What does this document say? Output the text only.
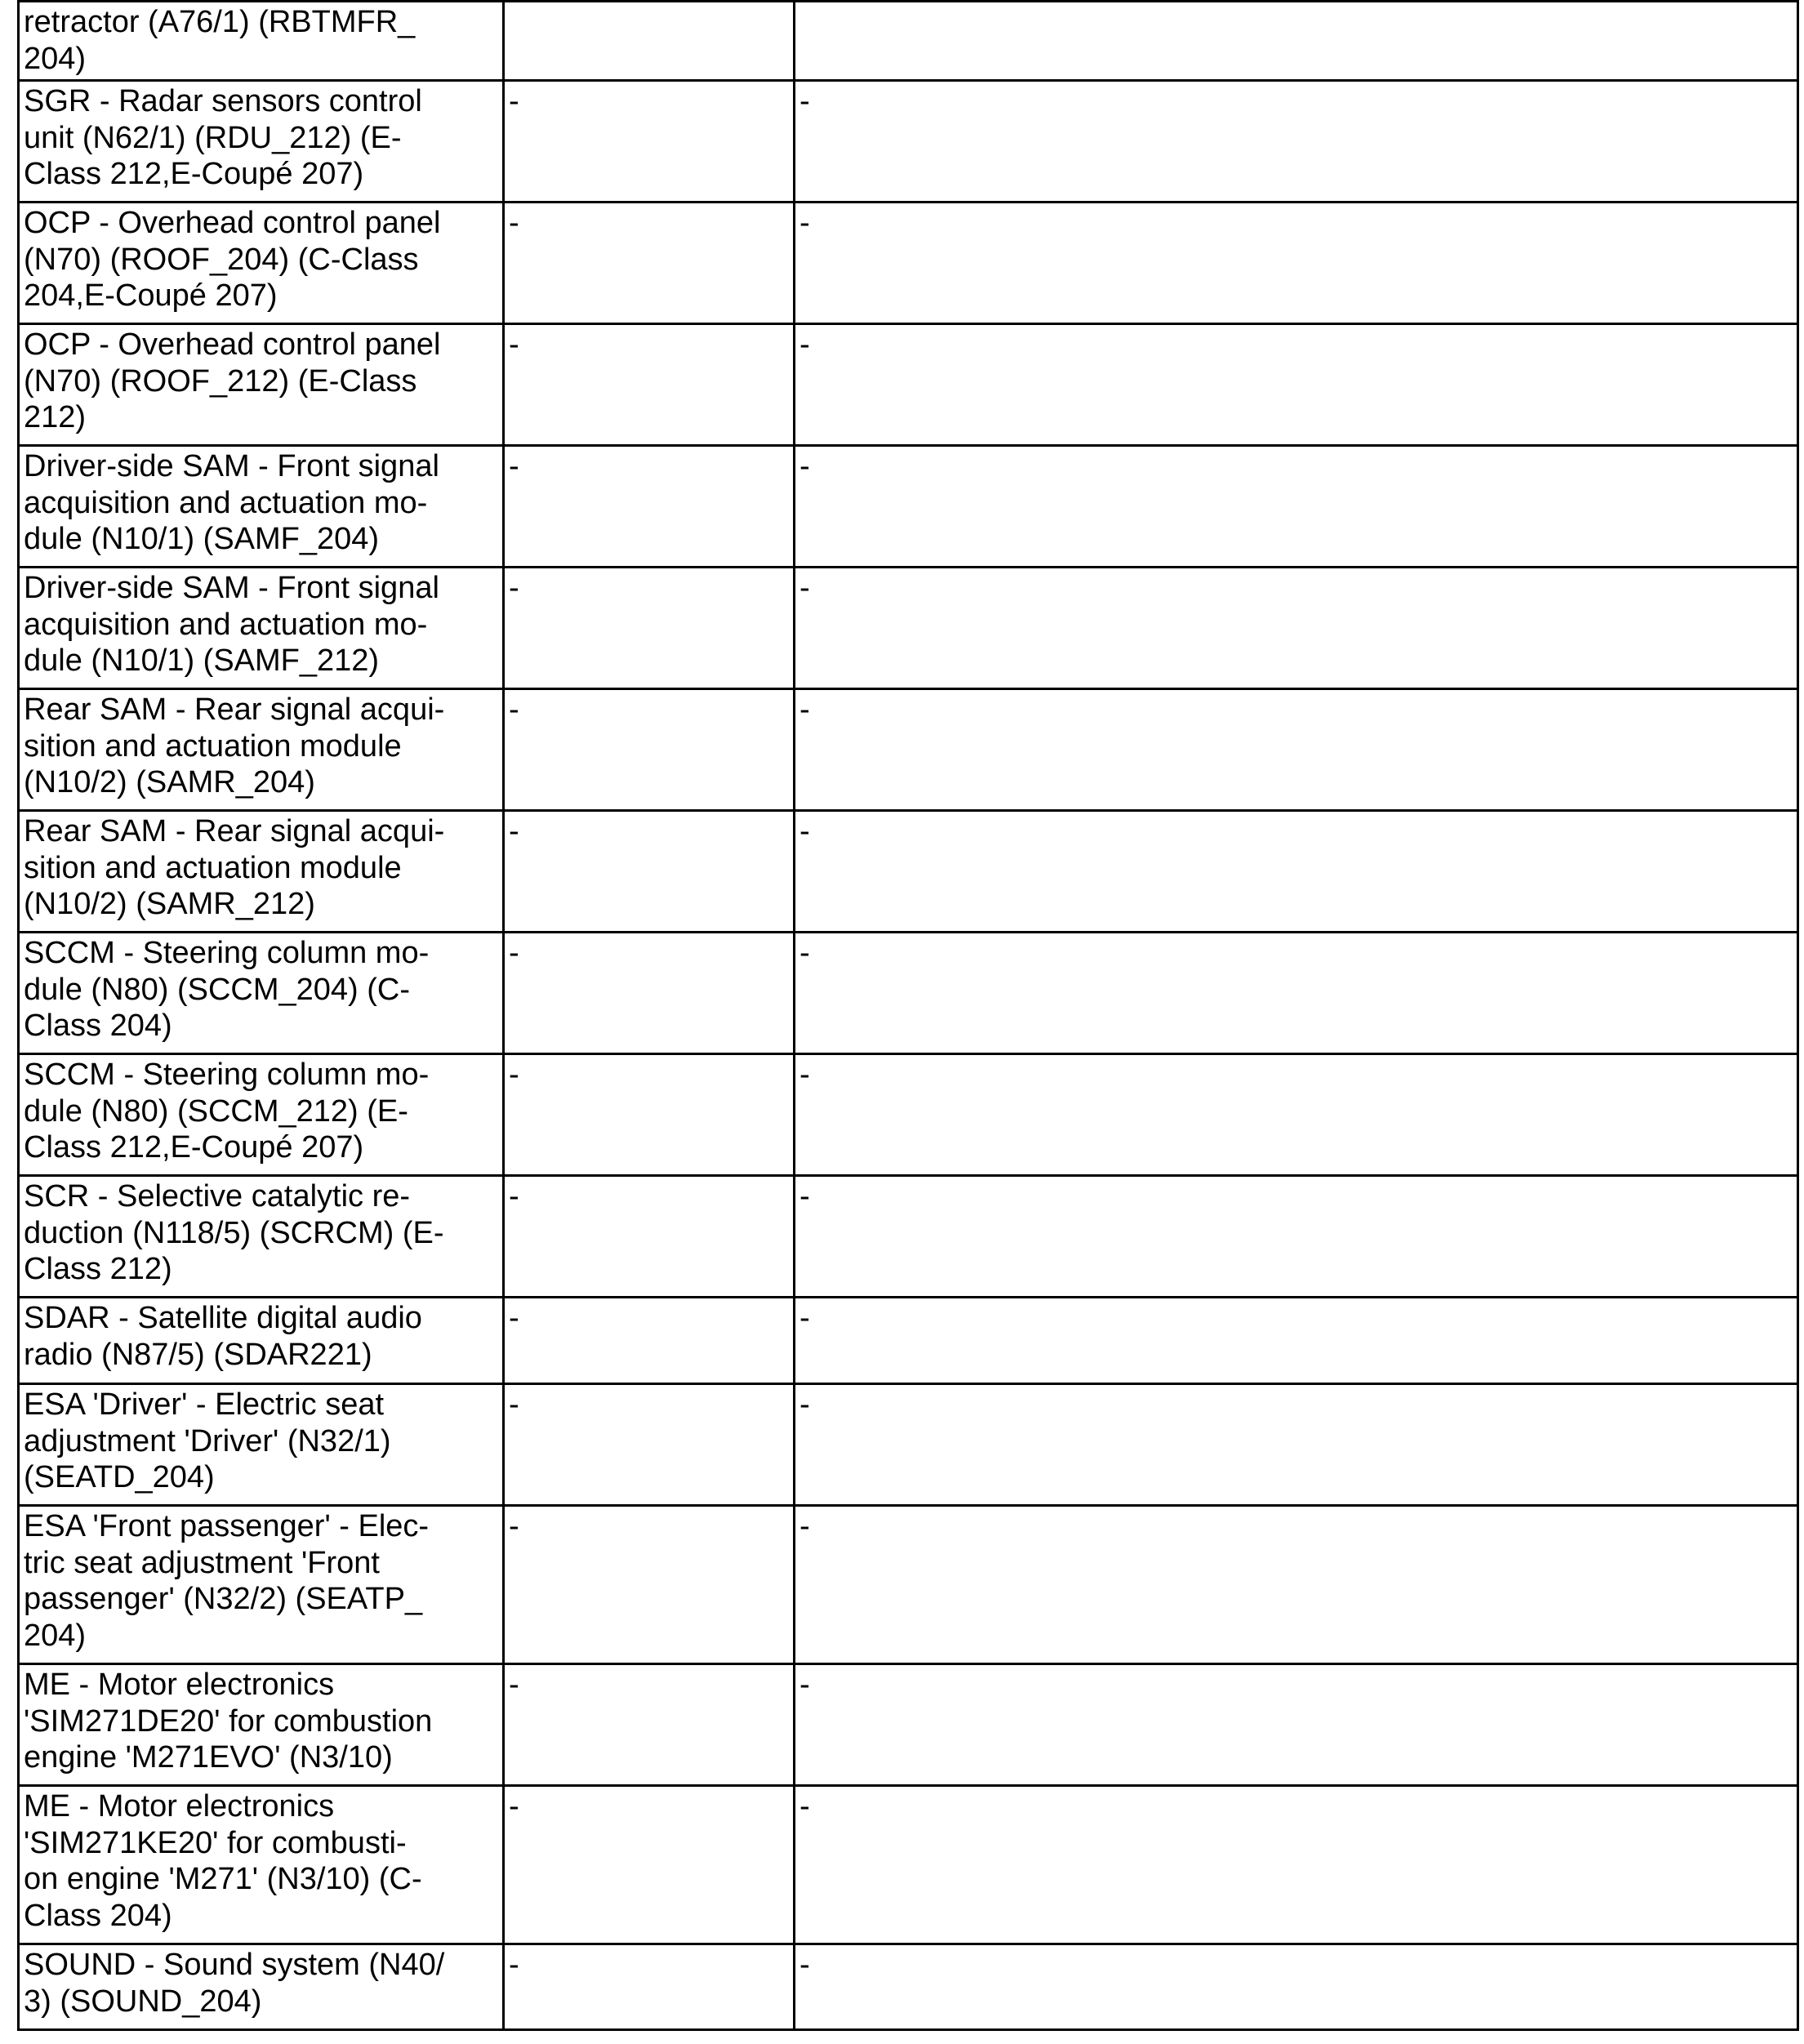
retractor (A76/1) (RBTMFR_
204)		
SGR - Radar sensors control
unit (N62/1) (RDU_212) (E-
Class 212,E-Coupé 207)	-	-
OCP - Overhead control panel
(N70) (ROOF_204) (C-Class
204,E-Coupé 207)	-	-
OCP - Overhead control panel
(N70) (ROOF_212) (E-Class
212)	-	-
Driver-side SAM - Front signal
acquisition and actuation mo-
dule (N10/1) (SAMF_204)	-	-
Driver-side SAM - Front signal
acquisition and actuation mo-
dule (N10/1) (SAMF_212)	-	-
Rear SAM - Rear signal acqui-
sition and actuation module
(N10/2) (SAMR_204)	-	-
Rear SAM - Rear signal acqui-
sition and actuation module
(N10/2) (SAMR_212)	-	-
SCCM - Steering column mo-
dule (N80) (SCCM_204) (C-
Class 204)	-	-
SCCM - Steering column mo-
dule (N80) (SCCM_212) (E-
Class 212,E-Coupé 207)	-	-
SCR - Selective catalytic re-
duction (N118/5) (SCRCM) (E-
Class 212)	-	-
SDAR - Satellite digital audio
radio (N87/5) (SDAR221)	-	-
ESA 'Driver' - Electric seat
adjustment 'Driver' (N32/1)
(SEATD_204)	-	-
ESA 'Front passenger' - Elec-
tric seat adjustment 'Front
passenger' (N32/2) (SEATP_
204)	-	-
ME - Motor electronics
'SIM271DE20' for combustion
engine 'M271EVO' (N3/10)	-	-
ME - Motor electronics
'SIM271KE20' for combusti-
on engine 'M271' (N3/10) (C-
Class 204)	-	-
SOUND - Sound system (N40/
3) (SOUND_204)	-	-
